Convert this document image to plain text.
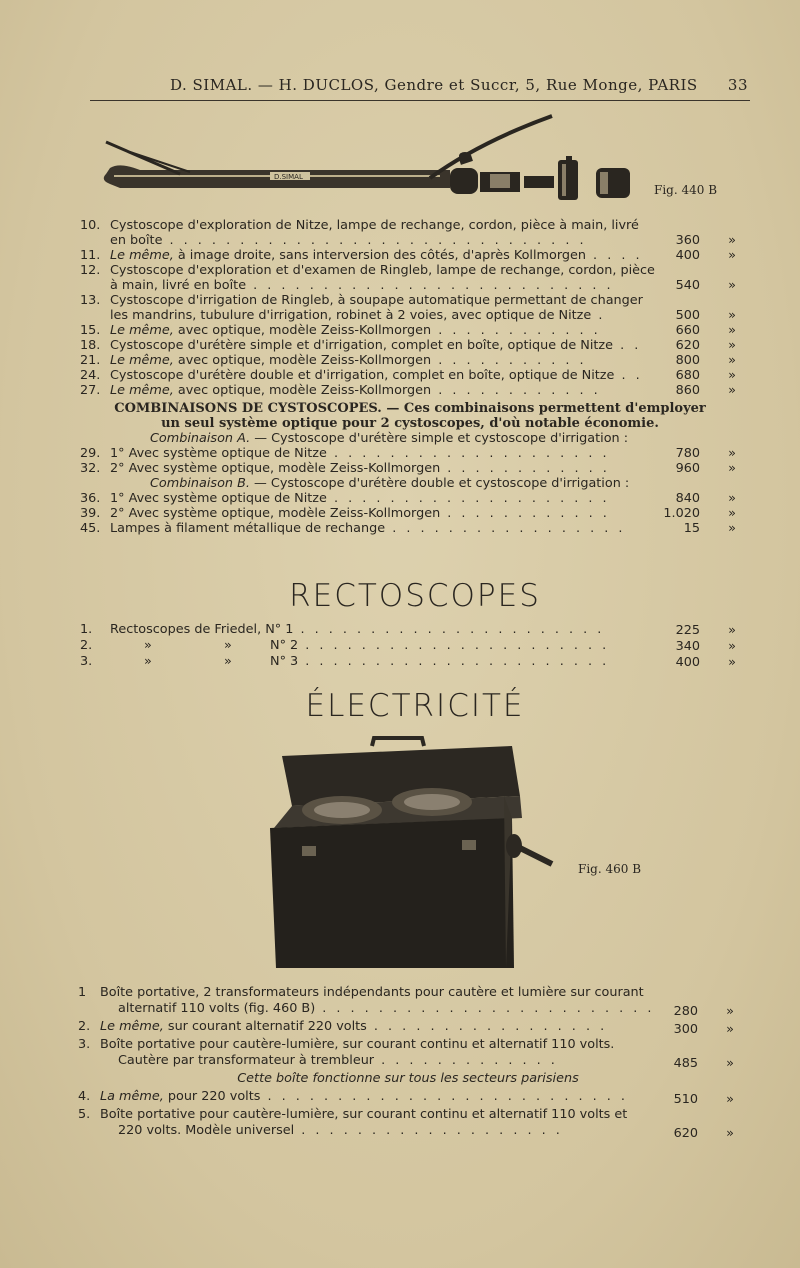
D. SIMAL. — H. DUCLOS, Gendre et Succr, 5, Rue Monge, PARIS 33
D.SIMAL
Fig. 440 B
10. Cystoscope d'exploration de Nitze, lampe de rechange, cordon, pièce à main, livré
en boîte . . . . . . . . . . . . . . . . . . . . . . . . . . . . . .	360 »
11. Le même, à image droite, sans interversion des côtés, d'après Kollmorgen . . . .	400 »
12. Cystoscope d'exploration et d'examen de Ringleb, lampe de rechange, cordon, pièce
à main, livré en boîte . . . . . . . . . . . . . . . . . . . . . . . . . .	540 »
13. Cystoscope d'irrigation de Ringleb, à soupape automatique permettant de changer
les mandrins, tubulure d'irrigation, robinet à 2 voies, avec optique de Nitze .	500 »
15. Le même, avec optique, modèle Zeiss-Kollmorgen . . . . . . . . . . . .	660 »
18. Cystoscope d'urétère simple et d'irrigation, complet en boîte, optique de Nitze . .	620 »
21. Le même, avec optique, modèle Zeiss-Kollmorgen . . . . . . . . . . .	800 »
24. Cystoscope d'urétère double et d'irrigation, complet en boîte, optique de Nitze . .	680 »
27. Le même, avec optique, modèle Zeiss-Kollmorgen . . . . . . . . . . . .	860 »
COMBINAISONS DE CYSTOSCOPES. — Ces combinaisons permettent d'employer
un seul système optique pour 2 cystoscopes, d'où notable économie.
Combinaison A. — Cystoscope d'urétère simple et cystoscope d'irrigation :
29. 1° Avec système optique de Nitze . . . . . . . . . . . . . . . . . . . .	780 »
32. 2° Avec système optique, modèle Zeiss-Kollmorgen . . . . . . . . . . . .	960 »
Combinaison B. — Cystoscope d'urétère double et cystoscope d'irrigation :
36. 1° Avec système optique de Nitze . . . . . . . . . . . . . . . . . . . .	840 »
39. 2° Avec système optique, modèle Zeiss-Kollmorgen . . . . . . . . . . . .	1.020 »
45. Lampes à filament métallique de rechange . . . . . . . . . . . . . . . . .	15 »
RECTOSCOPES
1. Rectoscopes de Friedel, N° 1 . . . . . . . . . . . . . . . . . . . . . .	225 »
2.	»	»	N° 2 . . . . . . . . . . . . . . . . . . . . . .	340 »
3.	»	»	N° 3 . . . . . . . . . . . . . . . . . . . . . .	400 »
ÉLECTRICITÉ
Fig. 460 B
1 Boîte portative, 2 transformateurs indépendants pour cautère et lumière sur courant
alternatif 110 volts (fig. 460 B) . . . . . . . . . . . . . . . . . . . . . . . .	280 »
2. Le même, sur courant alternatif 220 volts . . . . . . . . . . . . . . . . .	300 »
3. Boîte portative pour cautère-lumière, sur courant continu et alternatif 110 volts.
Cautère par transformateur à trembleur . . . . . . . . . . . . .	485 »
Cette boîte fonctionne sur tous les secteurs parisiens
4. La même, pour 220 volts . . . . . . . . . . . . . . . . . . . . . . . . . .	510 »
5. Boîte portative pour cautère-lumière, sur courant continu et alternatif 110 volts et
220 volts. Modèle universel . . . . . . . . . . . . . . . . . . .	620 »
